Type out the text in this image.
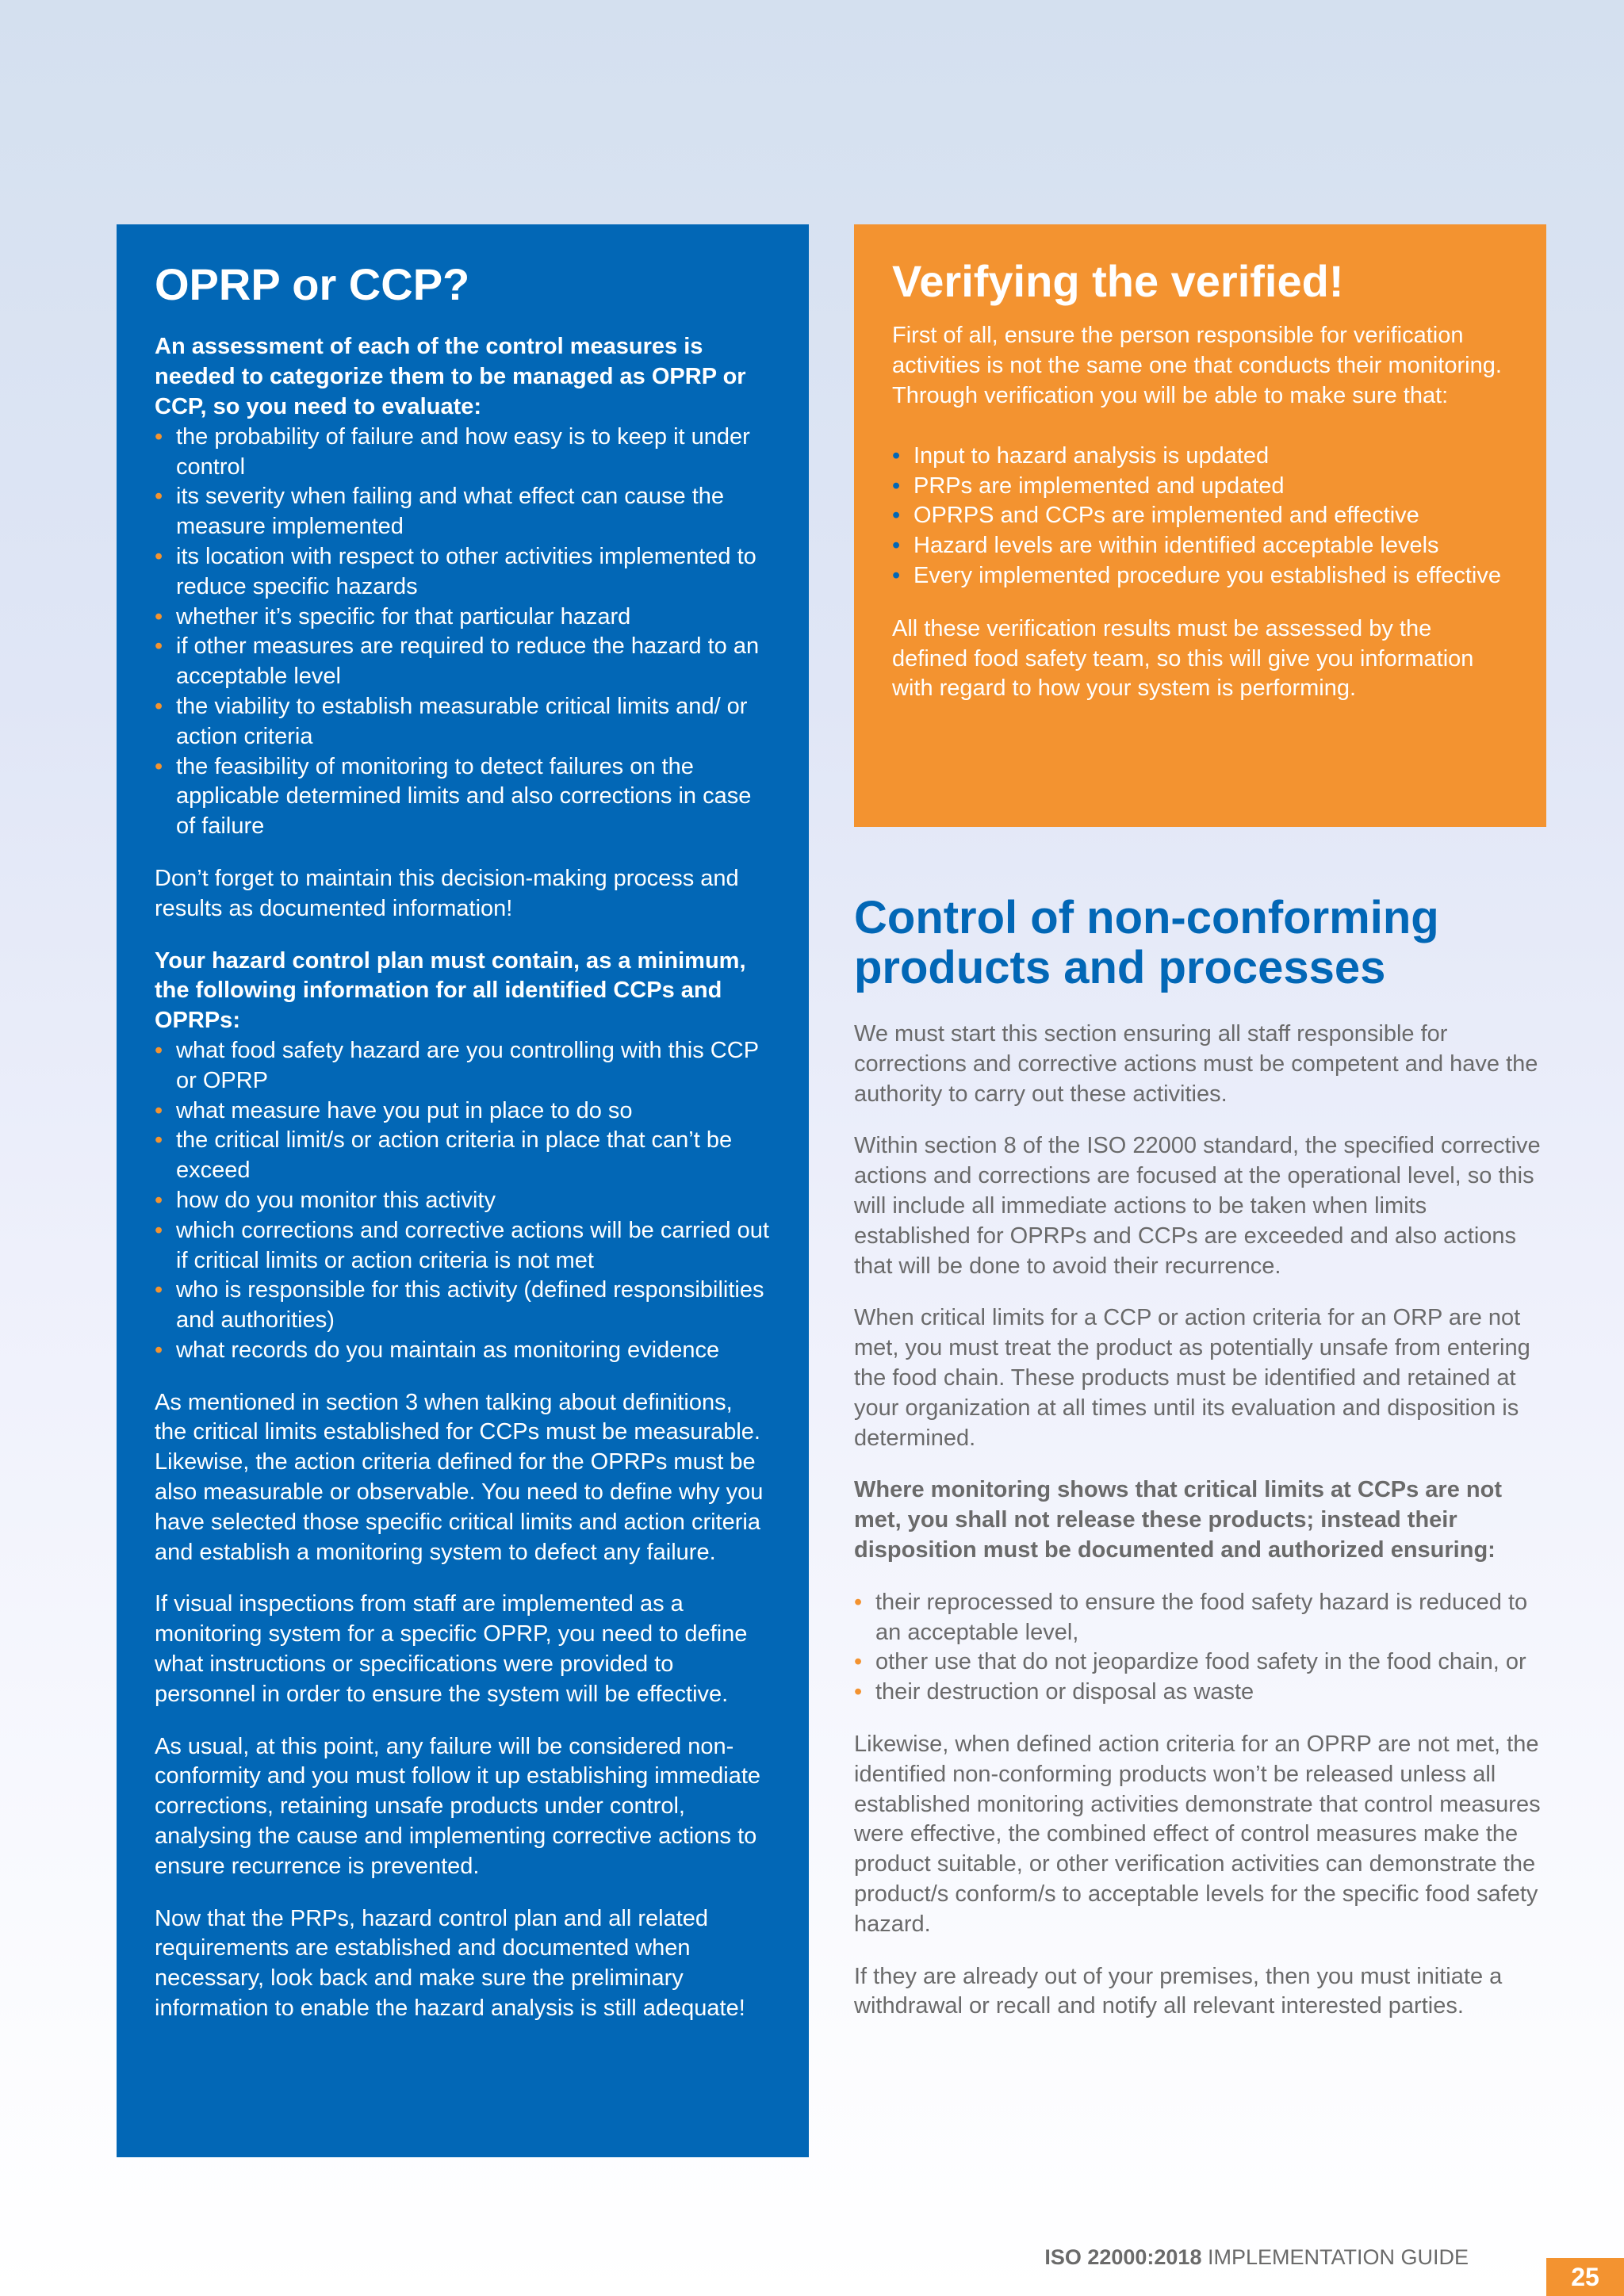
OPRP or CCP?

An assessment of each of the control measures is needed to categorize them to be managed as OPRP or CCP, so you need to evaluate:

• the probability of failure and how easy is to keep it under control
• its severity when failing and what effect can cause the measure implemented
• its location with respect to other activities implemented to reduce specific hazards
• whether it’s specific for that particular hazard
• if other measures are required to reduce the hazard to an acceptable level
• the viability to establish measurable critical limits and/ or action criteria
• the feasibility of monitoring to detect failures on the applicable determined limits and also corrections in case of failure

Don’t forget to maintain this decision-making process and results as documented information!

Your hazard control plan must contain, as a minimum, the following information for all identified CCPs and OPRPs:

• what food safety hazard are you controlling with this CCP or OPRP
• what measure have you put in place to do so
• the critical limit/s or action criteria in place that can’t be exceed
• how do you monitor this activity
• which corrections and corrective actions will be carried out if critical limits or action criteria is not met
• who is responsible for this activity (defined responsibilities and authorities)
• what records do you maintain as monitoring evidence

As mentioned in section 3 when talking about definitions, the critical limits established for CCPs must be measurable. Likewise, the action criteria defined for the OPRPs must be also measurable or observable. You need to define why you have selected those specific critical limits and action criteria and establish a monitoring system to defect any failure.

If visual inspections from staff are implemented as a monitoring system for a specific OPRP, you need to define what instructions or specifications were provided to personnel in order to ensure the system will be effective.

As usual, at this point, any failure will be considered non-conformity and you must follow it up establishing immediate corrections, retaining unsafe products under control, analysing the cause and implementing corrective actions to ensure recurrence is prevented.

Now that the PRPs, hazard control plan and all related requirements are established and documented when necessary, look back and make sure the preliminary information to enable the hazard analysis is still adequate!

Verifying the verified!

First of all, ensure the person responsible for verification activities is not the same one that conducts their monitoring. Through verification you will be able to make sure that:

• Input to hazard analysis is updated
• PRPs are implemented and updated
• OPRPS and CCPs are implemented and effective
• Hazard levels are within identified acceptable levels
• Every implemented procedure you established is effective

All these verification results must be assessed by the defined food safety team, so this will give you information with regard to how your system is performing.

Control of non-conforming products and processes

We must start this section ensuring all staff responsible for corrections and corrective actions must be competent and have the authority to carry out these activities.

Within section 8 of the ISO 22000 standard, the specified corrective actions and corrections are focused at the operational level, so this will include all immediate actions to be taken when limits established for OPRPs and CCPs are exceeded and also actions that will be done to avoid their recurrence.

When critical limits for a CCP or action criteria for an ORP are not met, you must treat the product as potentially unsafe from entering the food chain. These products must be identified and retained at your organization at all times until its evaluation and disposition is determined.

Where monitoring shows that critical limits at CCPs are not met, you shall not release these products; instead their disposition must be documented and authorized ensuring:

• their reprocessed to ensure the food safety hazard is reduced to an acceptable level,
• other use that do not jeopardize food safety in the food chain, or
• their destruction or disposal as waste

Likewise, when defined action criteria for an OPRP are not met, the identified non-conforming products won’t be released unless all established monitoring activities demonstrate that control measures were effective, the combined effect of control measures make the product suitable, or other verification activities can demonstrate the product/s conform/s to acceptable levels for the specific food safety hazard.

If they are already out of your premises, then you must initiate a withdrawal or recall and notify all relevant interested parties.

ISO 22000:2018 IMPLEMENTATION GUIDE
25
